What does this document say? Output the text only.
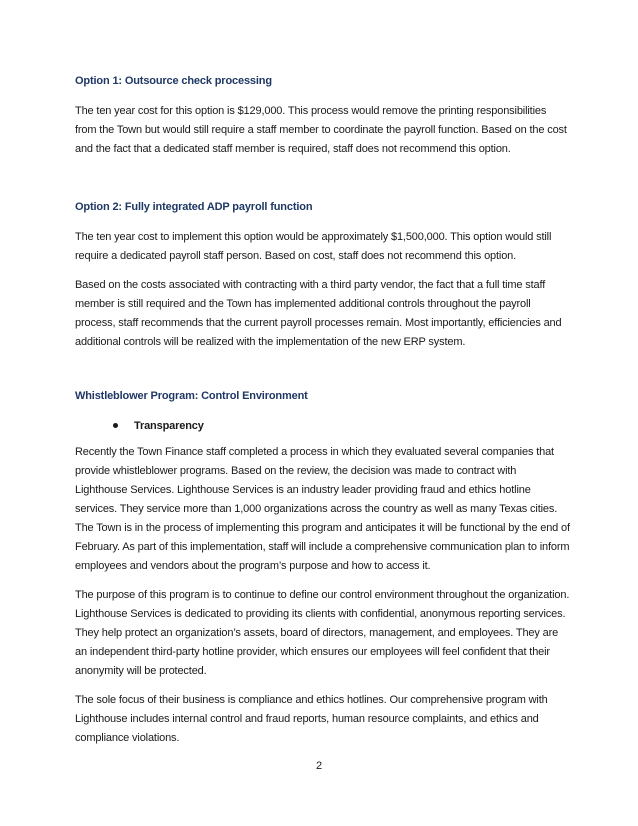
Option 1: Outsource check processing

The ten year cost for this option is $129,000. This process would remove the printing responsibilities from the Town but would still require a staff member to coordinate the payroll function. Based on the cost and the fact that a dedicated staff member is required, staff does not recommend this option.

Option 2: Fully integrated ADP payroll function

The ten year cost to implement this option would be approximately $1,500,000. This option would still require a dedicated payroll staff person. Based on cost, staff does not recommend this option.

Based on the costs associated with contracting with a third party vendor, the fact that a full time staff member is still required and the Town has implemented additional controls throughout the payroll process, staff recommends that the current payroll processes remain. Most importantly, efficiencies and additional controls will be realized with the implementation of the new ERP system.

Whistleblower Program: Control Environment
Transparency

Recently the Town Finance staff completed a process in which they evaluated several companies that provide whistleblower programs. Based on the review, the decision was made to contract with Lighthouse Services. Lighthouse Services is an industry leader providing fraud and ethics hotline services. They service more than 1,000 organizations across the country as well as many Texas cities. The Town is in the process of implementing this program and anticipates it will be functional by the end of February. As part of this implementation, staff will include a comprehensive communication plan to inform employees and vendors about the program’s purpose and how to access it.

The purpose of this program is to continue to define our control environment throughout the organization. Lighthouse Services is dedicated to providing its clients with confidential, anonymous reporting services. They help protect an organization’s assets, board of directors, management, and employees. They are an independent third-party hotline provider, which ensures our employees will feel confident that their anonymity will be protected.

The sole focus of their business is compliance and ethics hotlines. Our comprehensive program with Lighthouse includes internal control and fraud reports, human resource complaints, and ethics and compliance violations.

2
